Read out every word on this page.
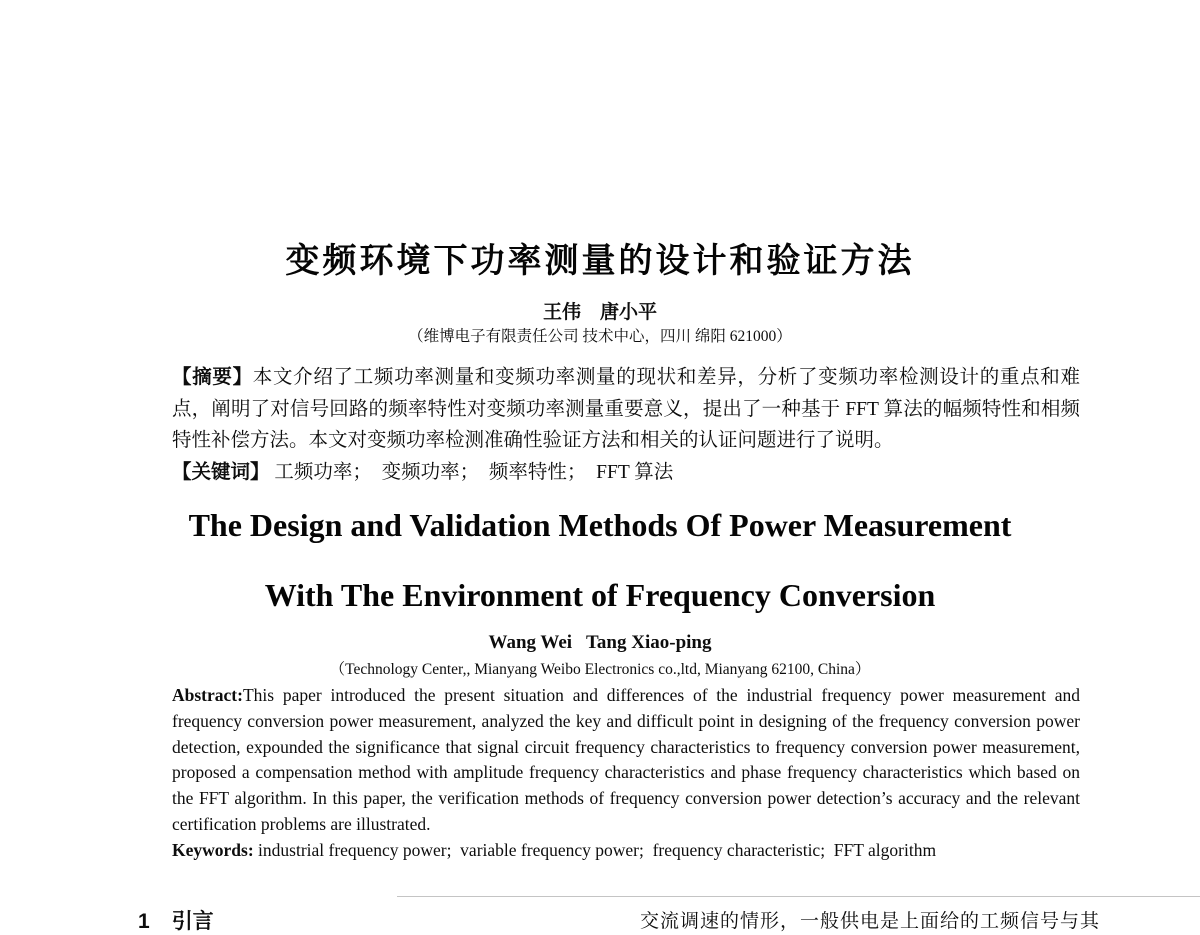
变频环境下功率测量的设计和验证方法
王伟　唐小平
（维博电子有限责任公司 技术中心，四川 绵阳 621000）

【摘要】本文介绍了工频功率测量和变频功率测量的现状和差异，分析了变频功率检测设计的重点和难点，阐明了对信号回路的频率特性对变频功率测量重要意义，提出了一种基于 FFT 算法的幅频特性和相频特性补偿方法。本文对变频功率检测准确性验证方法和相关的认证问题进行了说明。

【关键词】 工频功率；  变频功率；  频率特性；  FFT 算法

The Design and Validation Methods Of Power Measurement
With The Environment of Frequency Conversion
Wang Wei   Tang Xiao-ping
（Technology Center,, Mianyang Weibo Electronics co.,ltd, Mianyang 62100, China）

Abstract:This paper introduced the present situation and differences of the industrial frequency power measurement and frequency conversion power measurement, analyzed the key and difficult point in designing of the frequency conversion power detection, expounded the significance that signal circuit frequency characteristics to frequency conversion power measurement, proposed a compensation method with amplitude frequency characteristics and phase frequency characteristics which based on the FFT algorithm. In this paper, the verification methods of frequency conversion power detection’s accuracy and the relevant certification problems are illustrated.

Keywords: industrial frequency power;  variable frequency power;  frequency characteristic;  FFT algorithm

1 引言	交流调速的情形，一般供电是上面给的工频信号与其
